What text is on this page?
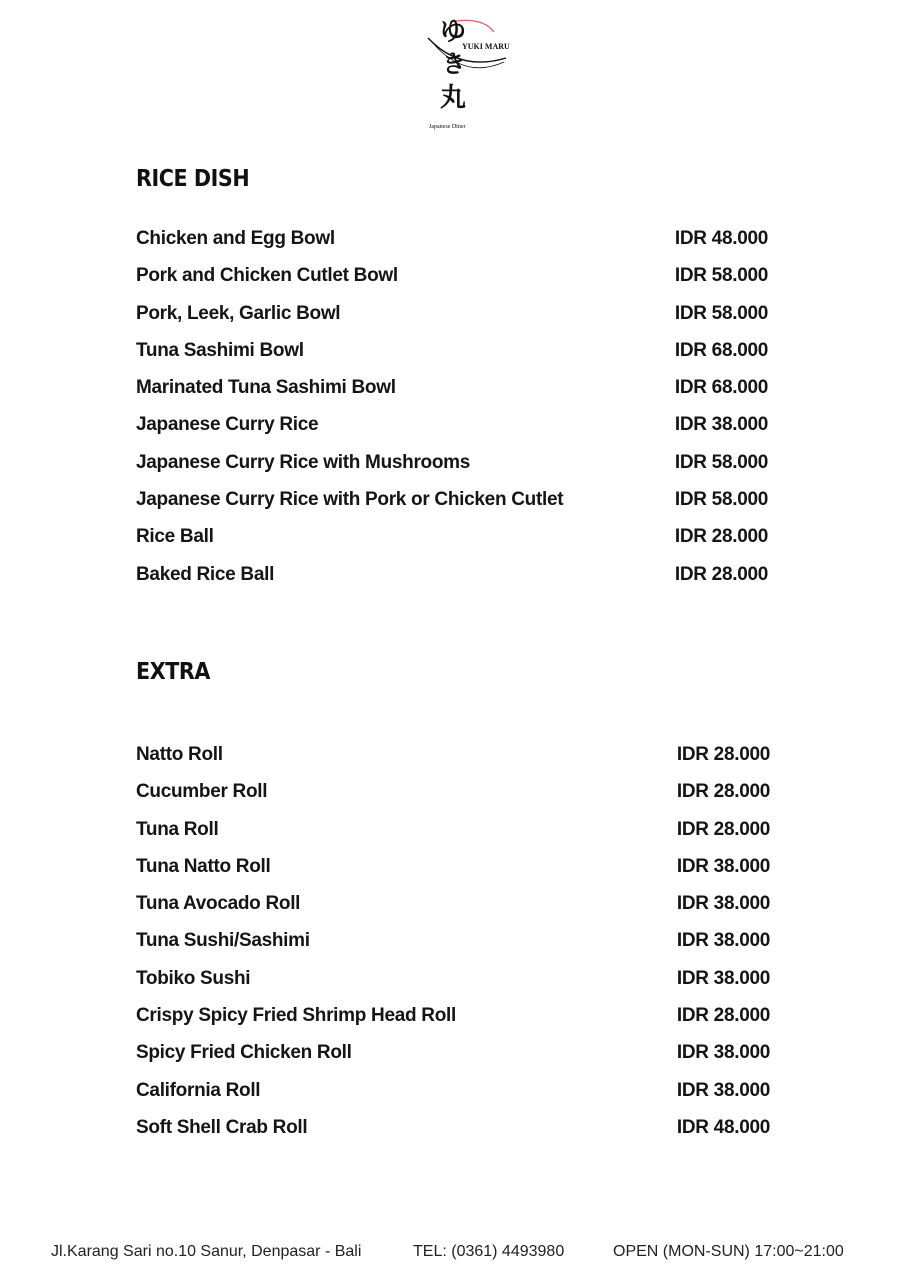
ゆ
YUKI MARU
き
丸
Japanese Diner
RICE DISH
Chicken and Egg Bowl	IDR 48.000
Pork and Chicken Cutlet Bowl	IDR 58.000
Pork, Leek, Garlic Bowl	IDR 58.000
Tuna Sashimi Bowl	IDR 68.000
Marinated Tuna Sashimi Bowl	IDR 68.000
Japanese Curry Rice	IDR 38.000
Japanese Curry Rice with Mushrooms	IDR 58.000
Japanese Curry Rice with Pork or Chicken Cutlet	IDR 58.000
Rice Ball	IDR 28.000
Baked Rice Ball	IDR 28.000
EXTRA
Natto Roll	IDR 28.000
Cucumber Roll	IDR 28.000
Tuna Roll	IDR 28.000
Tuna Natto Roll	IDR 38.000
Tuna Avocado Roll	IDR 38.000
Tuna Sushi/Sashimi	IDR 38.000
Tobiko Sushi	IDR 38.000
Crispy Spicy Fried Shrimp Head Roll	IDR 28.000
Spicy Fried Chicken Roll	IDR 38.000
California Roll	IDR 38.000
Soft Shell Crab Roll	IDR 48.000
Jl.Karang Sari no.10 Sanur, Denpasar - Bali	TEL: (0361) 4493980	OPEN (MON-SUN) 17:00~21:00
